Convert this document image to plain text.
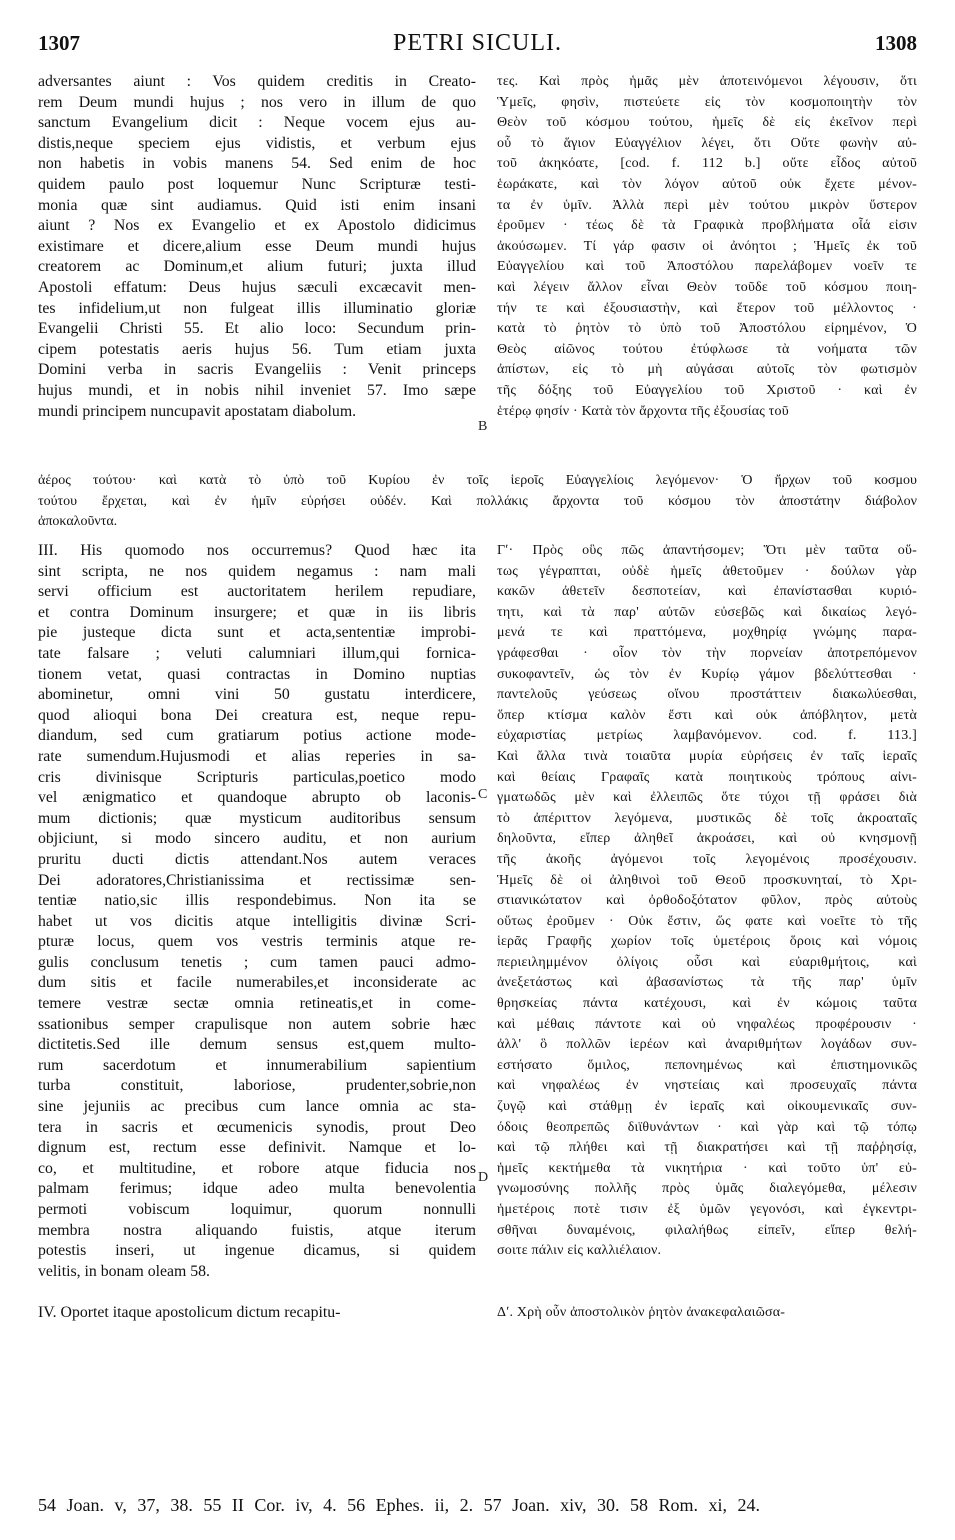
1307	PETRI SICULI.	1308
adversantes aiunt : Vos quidem creditis in Creato-
rem Deum mundi hujus ; nos vero in illum de quo
sanctum Evangelium dicit : Neque vocem ejus au-
distis,neque speciem ejus vidistis, et verbum ejus
non habetis in vobis manens 54. Sed enim de hoc
quidem paulo post loquemur Nunc Scripturæ testi-
monia quæ sint audiamus. Quid isti enim insani
aiunt ? Nos ex Evangelio et ex Apostolo didicimus
existimare et dicere,alium esse Deum mundi hujus
creatorem ac Dominum,et alium futuri; juxta illud
Apostoli effatum: Deus hujus sæculi excæcavit men-
tes infidelium,ut non fulgeat illis illuminatio gloriæ
Evangelii Christi 55. Et alio loco: Secundum prin-
cipem potestatis aeris hujus 56. Tum etiam juxta
Domini verba in sacris Evangeliis : Venit princeps
hujus mundi, et in nobis nihil inveniet 57. Imo sæpe
mundi principem nuncupavit apostatam diabolum.
τες. Καὶ πρὸς ἡμᾶς μὲν ἀποτεινόμενοι λέγουσιν, ὅτι
Ὑμεῖς, φησὶν, πιστεύετε εἰς τὸν κοσμοποιητὴν τὸν
Θεὸν τοῦ κόσμου τούτου, ἡμεῖς δὲ εἰς ἐκεῖνον περὶ
οὗ τὸ ἅγιον Εὐαγγέλιον λέγει, ὅτι Οὔτε φωνὴν αὐ-
τοῦ ἀκηκόατε, [cod. f. 112 b.] οὔτε εἶδος αὐτοῦ
ἑωράκατε, καὶ τὸν λόγον αὐτοῦ οὐκ ἔχετε μένον-
τα ἐν ὑμῖν. Ἀλλὰ περὶ μὲν τούτου μικρὸν ὕστερον
ἐροῦμεν · τέως δὲ τὰ Γραφικὰ προβλήματα οἷά εἰσιν
ἀκούσωμεν. Τί γάρ φασιν οἱ ἀνόητοι ; Ἡμεῖς ἐκ τοῦ
Εὐαγγελίου καὶ τοῦ Ἀποστόλου παρελάβομεν νοεῖν τε
καὶ λέγειν ἄλλον εἶναι Θεὸν τοῦδε τοῦ κόσμου ποιη-
τήν τε καὶ ἐξουσιαστὴν, καὶ ἕτερον τοῦ μέλλοντος ·
κατὰ τὸ ῥητὸν τὸ ὑπὸ τοῦ Ἀποστόλου εἰρημένον, Ὁ
Θεὸς αἰῶνος τούτου ἐτύφλωσε τὰ νοήματα τῶν
ἀπίστων, εἰς τὸ μὴ αὐγάσαι αὐτοῖς τὸν φωτισμὸν
τῆς δόξης τοῦ Εὐαγγελίου τοῦ Χριστοῦ · καὶ ἐν
ἑτέρῳ φησίν · Κατὰ τὸν ἄρχοντα τῆς ἐξουσίας τοῦ
ἀέρος τούτου· καὶ κατὰ τὸ ὑπὸ τοῦ Κυρίου ἐν τοῖς ἱεροῖς Εὐαγγελίοις λεγόμενον· Ὁ ἤρχων τοῦ κοσμου
τούτου ἔρχεται, καὶ ἐν ἡμῖν εὑρήσει οὐδέν. Καὶ πολλάκις ἄρχοντα τοῦ κόσμου τὸν ἀποστάτην διάβολον
ἀποκαλοῦντα.
III. His quomodo nos occurremus? Quod hæc ita
sint scripta, ne nos quidem negamus : nam mali
servi officium est auctoritatem herilem repudiare,
et contra Dominum insurgere; et quæ in iis libris
pie justeque dicta sunt et acta,sententiæ improbi-
tate falsare ; veluti calumniari illum,qui fornica-
tionem vetat, quasi contractas in Domino nuptias
abominetur, omni vini 50 gustatu interdicere,
quod alioqui bona Dei creatura est, neque repu-
diandum, sed cum gratiarum potius actione mode-
rate sumendum.Hujusmodi et alias reperies in sa-
cris divinisque Scripturis particulas,poetico modo
vel ænigmatico et quandoque abrupto ob laconis-
mum dictionis; quæ mysticum auditoribus sensum
objiciunt, si modo sincero auditu, et non aurium
pruritu ducti dictis attendant.Nos autem veraces
Dei adoratores,Christianissima et rectissimæ sen-
tentiæ natio,sic illis respondebimus. Non ita se
habet ut vos dicitis atque intelligitis divinæ Scri-
pturæ locus, quem vos vestris terminis atque re-
gulis conclusum tenetis ; cum tamen pauci admo-
dum sitis et facile numerabiles,et inconsiderate ac
temere vestræ sectæ omnia retineatis,et in come-
ssationibus semper crapulisque non autem sobrie hæc
dictitetis.Sed ille demum sensus est,quem multo-
rum sacerdotum et innumerabilium sapientium
turba constituit, laboriose, prudenter,sobrie,non
sine jejuniis ac precibus cum lance omnia ac sta-
tera in sacris et œcumenicis synodis, prout Deo
dignum est, rectum esse definivit. Namque et lo-
co, et multitudine, et robore atque fiducia nos
palmam ferimus; idque adeo multa benevolentia
permoti vobiscum loquimur, quorum nonnulli
membra nostra aliquando fuistis, atque iterum
potestis inseri, ut ingenue dicamus, si quidem
velitis, in bonam oleam 58.

IV. Oportet itaque apostolicum dictum recapitu-
Γʹ· Πρὸς οὓς πῶς ἀπαντήσομεν; Ὅτι μὲν ταῦτα οὕ-
τως γέγραπται, οὐδὲ ἡμεῖς ἀθετοῦμεν · δούλων γὰρ
κακῶν ἀθετεῖν δεσποτείαν, καὶ ἐπανίστασθαι κυριό-
τητι, καὶ τὰ παρ' αὐτῶν εὐσεβῶς καὶ δικαίως λεγό-
μενά τε καὶ πραττόμενα, μοχθηρίᾳ γνώμης παρα-
γράφεσθαι · οἷον τὸν τὴν πορνείαν ἀποτρεπόμενον
συκοφαντεῖν, ὡς τὸν ἐν Κυρίῳ γάμον βδελύττεσθαι ·
παντελοῦς γεύσεως οἴνου προστάττειν διακωλύεσθαι,
ὅπερ κτίσμα καλὸν ἔστι καὶ οὐκ ἀπόβλητον, μετὰ
εὐχαριστίας μετρίως λαμβανόμενον. cod. f. 113.]
Καὶ ἄλλα τινὰ τοιαῦτα μυρία εὑρήσεις ἐν ταῖς ἱεραῖς
καὶ θείαις Γραφαῖς κατὰ ποιητικοὺς τρόπους αἰνι-
γματωδῶς μὲν καὶ ἐλλειπῶς ὅτε τύχοι τῇ φράσει διὰ
τὸ ἀπέριττον λεγόμενα, μυστικῶς δὲ τοῖς ἀκροαταῖς
δηλοῦντα, εἴπερ ἀληθεῖ ἀκροάσει, καὶ οὐ κνησμονῇ
τῆς ἀκοῆς ἀγόμενοι τοῖς λεγομένοις προσέχουσιν.
Ἡμεῖς δὲ οἱ ἀληθινοὶ τοῦ Θεοῦ προσκυνηταί, τὸ Χρι-
στιανικώτατον καὶ ὀρθοδοξότατον φῦλον, πρὸς αὐτοὺς
οὕτως ἐροῦμεν · Οὐκ ἔστιν, ὥς φατε καὶ νοεῖτε τὸ τῆς
ἱερᾶς Γραφῆς χωρίον τοῖς ὑμετέροις ὅροις καὶ νόμοις
περιειλημμένον ὀλίγοις οὖσι καὶ εὐαριθμήτοις, καὶ
ἀνεξετάστως καὶ ἀβασανίστως τὰ τῆς παρ' ὑμῖν
θρησκείας πάντα κατέχουσι, καὶ ἐν κώμοις ταῦτα
καὶ μέθαις πάντοτε καὶ οὐ νηφαλέως προφέρουσιν ·
ἀλλ' ὃ πολλῶν ἱερέων καὶ ἀναριθμήτων λογάδων συν-
εστήσατο ὅμιλος, πεπονημένως καὶ ἐπιστημονικῶς
καὶ νηφαλέως ἐν νηστείαις καὶ προσευχαῖς πάντα
ζυγῷ καὶ στάθμῃ ἐν ἱεραῖς καὶ οἰκουμενικαῖς συν-
όδοις θεοπρεπῶς διϊθυνάντων · καὶ γὰρ καὶ τῷ τόπῳ
καὶ τῷ πλήθει καὶ τῇ διακρατήσει καὶ τῇ παῤῥησίᾳ,
ἡμεῖς κεκτήμεθα τὰ νικητήρια · καὶ τοῦτο ὑπ' εὐ-
γνωμοσύνης πολλῆς πρὸς ὑμᾶς διαλεγόμεθα, μέλεσιν
ἡμετέροις ποτὲ τισιν ἐξ ὑμῶν γεγονόσι, καὶ ἐγκεντρι-
σθῆναι δυναμένοις, φιλαλήθως εἰπεῖν, εἴπερ θελή-
σοιτε πάλιν εἰς καλλιέλαιον.

Δʹ. Χρὴ οὖν ἀποστολικὸν ῥητὸν ἀνακεφαλαιῶσα-
B
C
D
54 Joan. v, 37, 38. 55 II Cor. iv, 4. 56 Ephes. ii, 2. 57 Joan. xiv, 30. 58 Rom. xi, 24.
